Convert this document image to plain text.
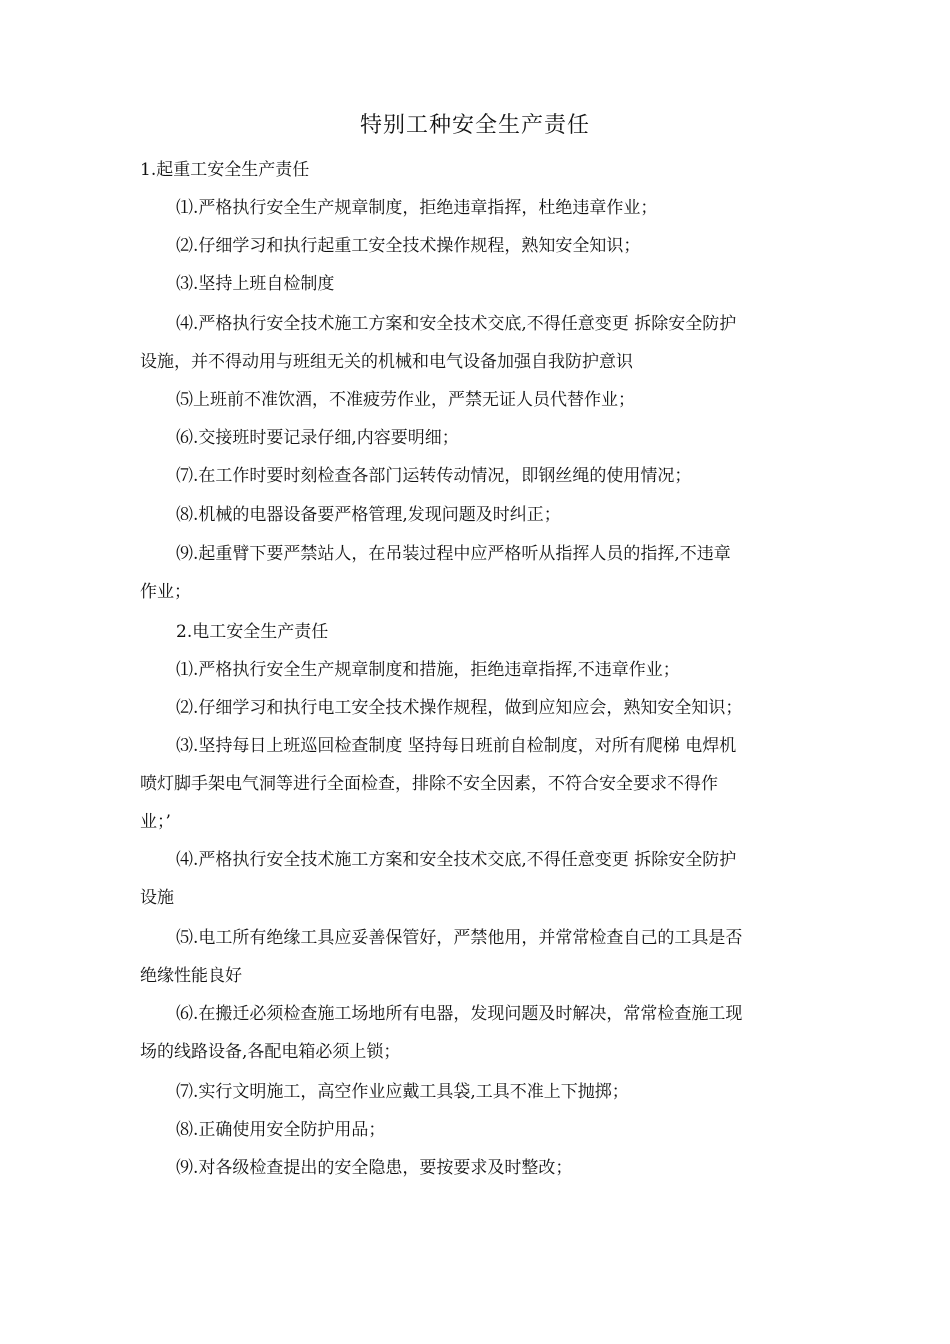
特别工种安全生产责任
1.起重工安全生产责任
⑴.严格执行安全生产规章制度，拒绝违章指挥，杜绝违章作业；
⑵.仔细学习和执行起重工安全技术操作规程，熟知安全知识；
⑶.坚持上班自检制度
⑷.严格执行安全技术施工方案和安全技术交底,不得任意变更 拆除安全防护
设施，并不得动用与班组无关的机械和电气设备加强自我防护意识
⑸上班前不准饮酒，不准疲劳作业，严禁无证人员代替作业；
⑹.交接班时要记录仔细,内容要明细；
⑺.在工作时要时刻检查各部门运转传动情况，即钢丝绳的使用情况；
⑻.机械的电器设备要严格管理,发现问题及时纠正；
⑼.起重臂下要严禁站人，在吊装过程中应严格听从指挥人员的指挥,不违章
作业；
2.电工安全生产责任
⑴.严格执行安全生产规章制度和措施，拒绝违章指挥,不违章作业；
⑵.仔细学习和执行电工安全技术操作规程，做到应知应会，熟知安全知识；
⑶.坚持每日上班巡回检查制度 坚持每日班前自检制度，对所有爬梯 电焊机
喷灯脚手架电气洞等进行全面检查，排除不安全因素，不符合安全要求不得作
业；’
⑷.严格执行安全技术施工方案和安全技术交底,不得任意变更 拆除安全防护
设施
⑸.电工所有绝缘工具应妥善保管好，严禁他用，并常常检查自己的工具是否
绝缘性能良好
⑹.在搬迁必须检查施工场地所有电器，发现问题及时解决，常常检查施工现
场的线路设备,各配电箱必须上锁；
⑺.实行文明施工，高空作业应戴工具袋,工具不准上下抛掷；
⑻.正确使用安全防护用品；
⑼.对各级检查提出的安全隐患，要按要求及时整改；
